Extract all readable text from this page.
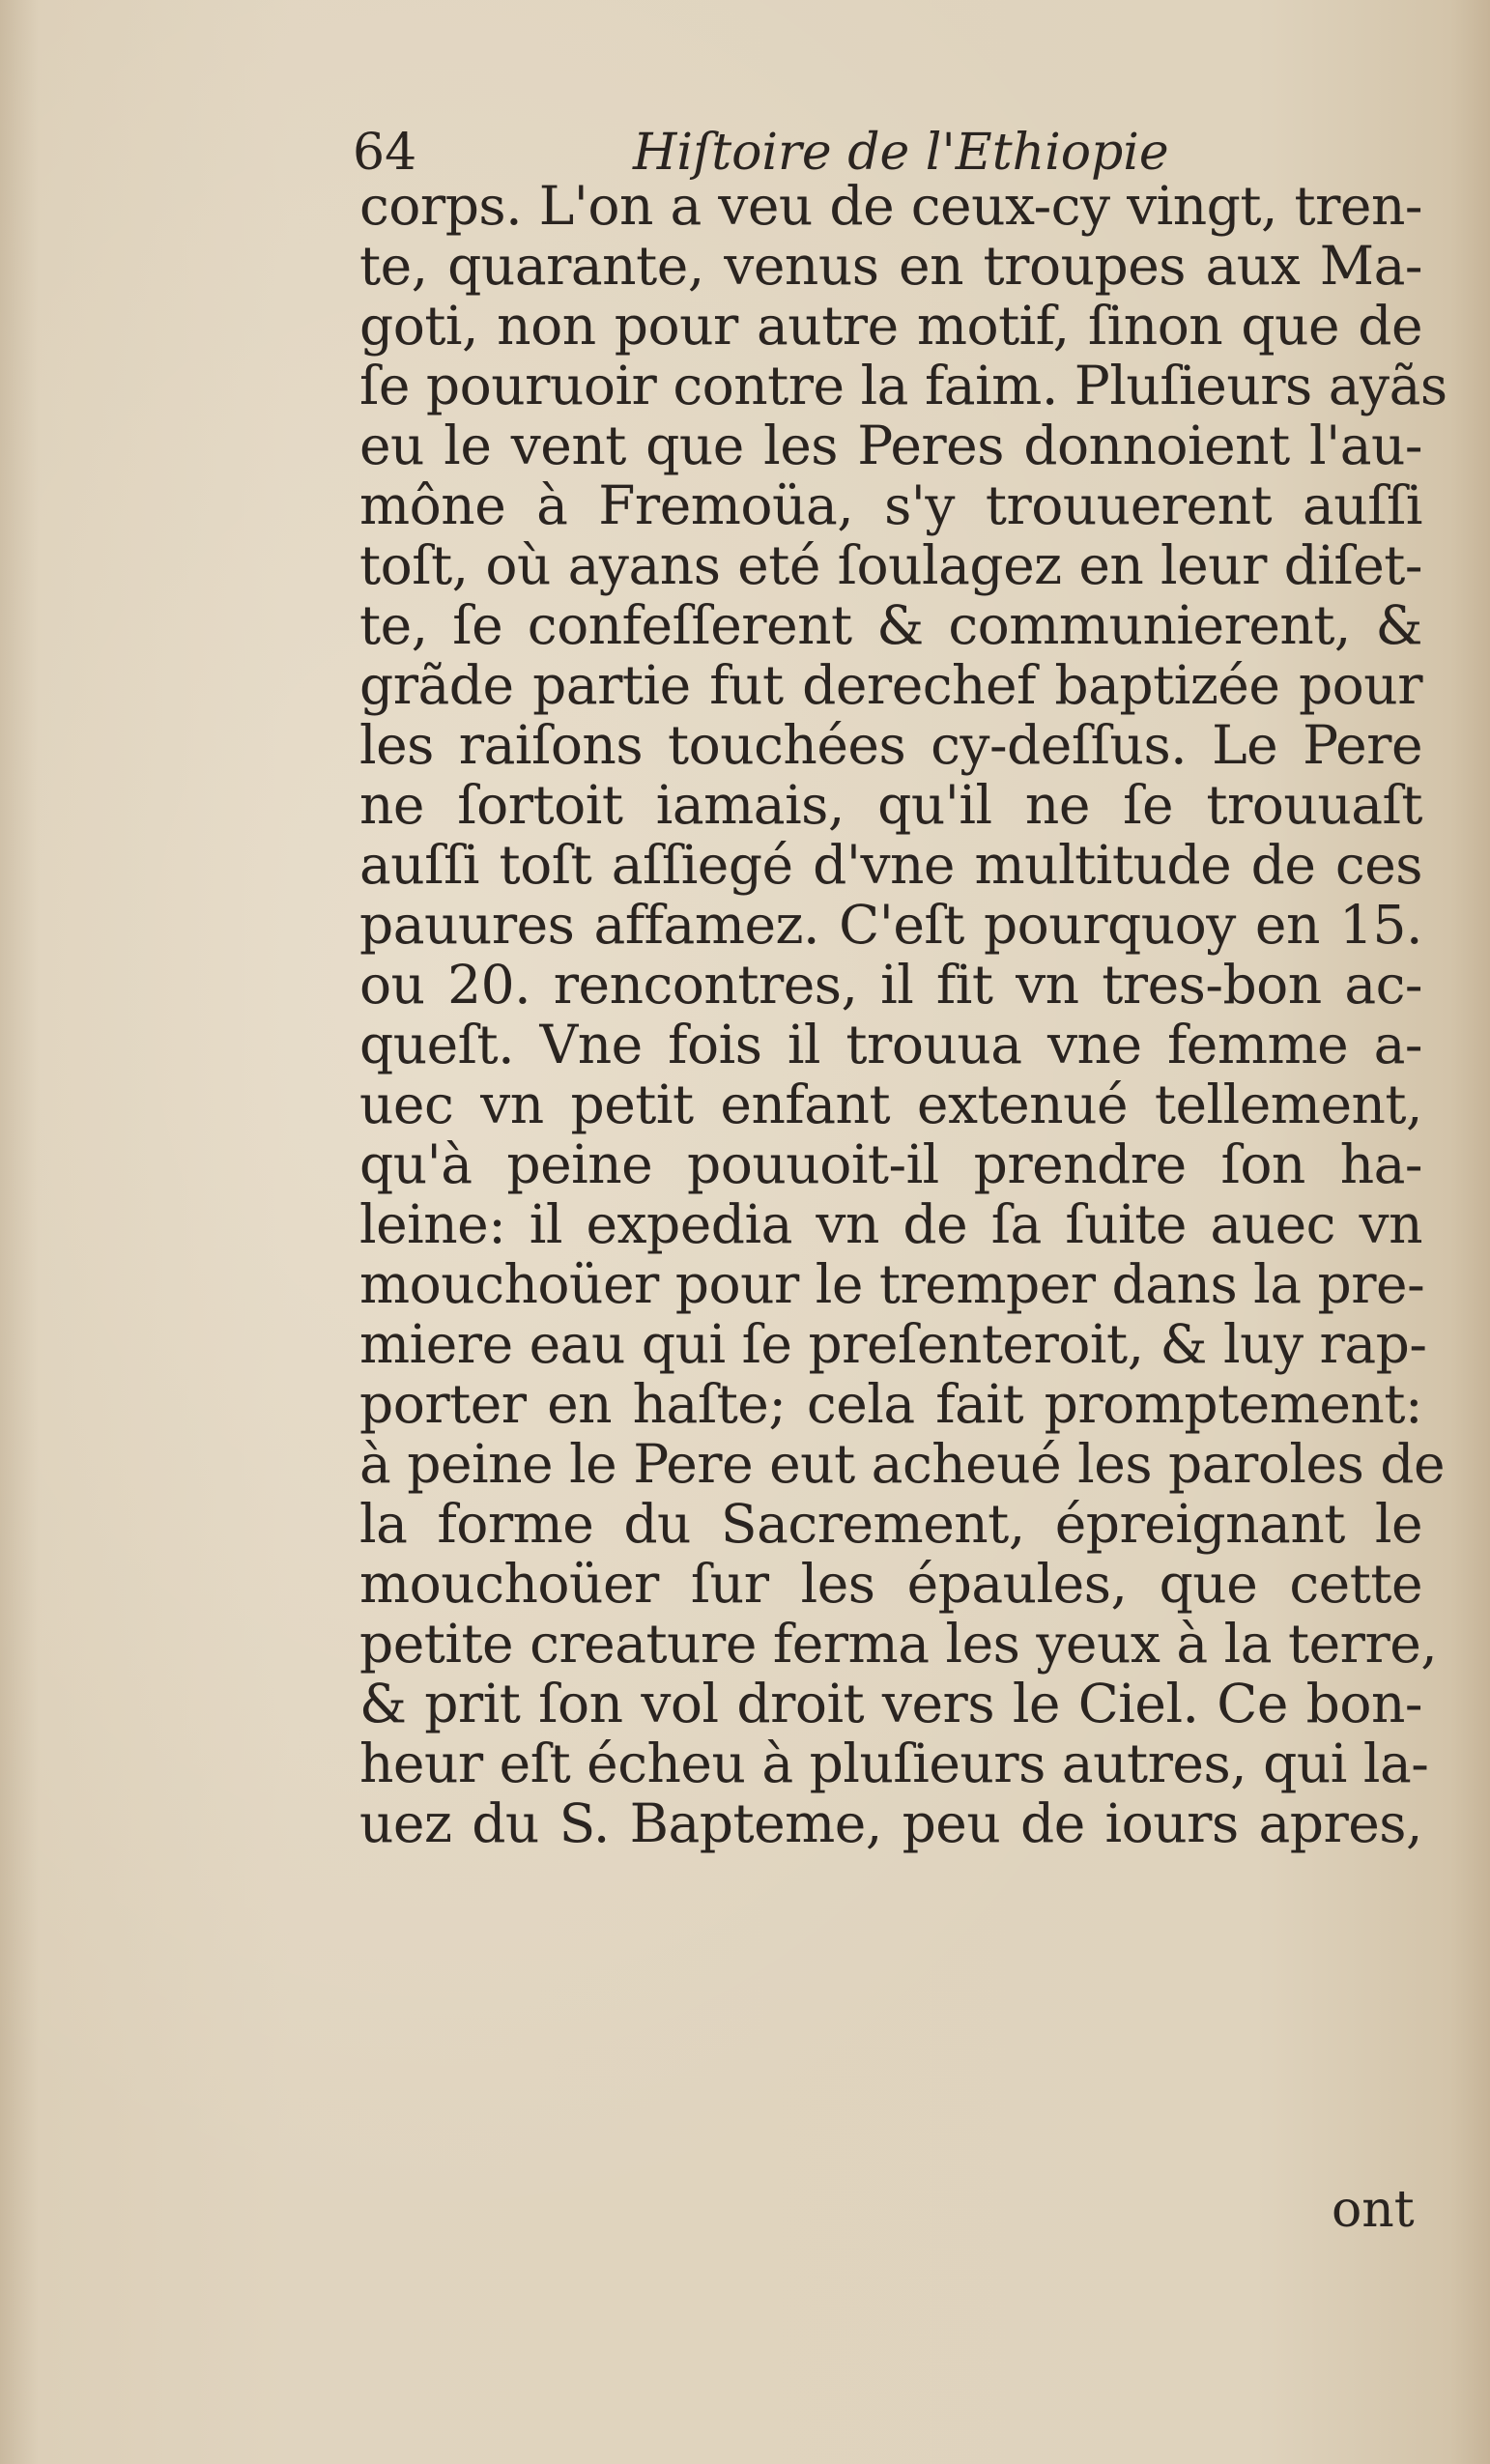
64	Hiſtoire de l'Ethiopie
corps. L'on a veu de ceux-cy vingt, tren-
te, quarante, venus en troupes aux Ma-
goti, non pour autre motif, ſinon que de
ſe pouruoir contre la faim. Pluſieurs ayãs
eu le vent que les Peres donnoient l'au-
mône à Fremoüa, s'y trouuerent auſſi
toſt, où ayans eté ſoulagez en leur diſet-
te, ſe confeſſerent & communierent, &
grãde partie fut derechef baptizée pour
les raiſons touchées cy-deſſus. Le Pere
ne ſortoit iamais, qu'il ne ſe trouuaſt
auſſi toſt aſſiegé d'vne multitude de ces
pauures affamez. C'eſt pourquoy en 15.
ou 20. rencontres, il fit vn tres-bon ac-
queſt. Vne fois il trouua vne femme a-
uec vn petit enfant extenué tellement,
qu'à peine pouuoit-il prendre ſon ha-
leine: il expedia vn de ſa ſuite auec vn
mouchoüer pour le tremper dans la pre-
miere eau qui ſe preſenteroit, & luy rap-
porter en haſte; cela fait promptement:
à peine le Pere eut acheué les paroles de
la forme du Sacrement, épreignant le
mouchoüer ſur les épaules, que cette
petite creature ferma les yeux à la terre,
& prit ſon vol droit vers le Ciel. Ce bon-
heur eſt écheu à pluſieurs autres, qui la-
uez du S. Bapteme, peu de iours apres,
ont
